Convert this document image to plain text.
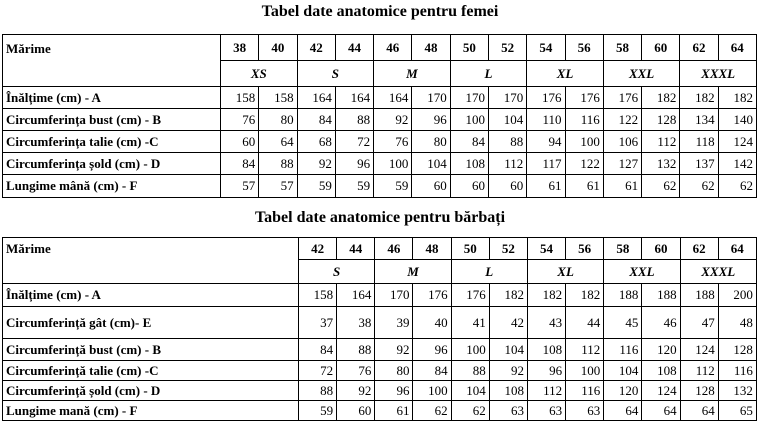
Tabel date anatomice pentru femei
Mărime	38	40	42	44	46	48	50	52	54	56	58	60	62	64
	XS		S		M		L		XL		XXL		XXXL	
Înălțime (cm) - A	158	158	164	164	164	170	170	170	176	176	176	182	182	182
Circumferința bust (cm) - B	76	80	84	88	92	96	100	104	110	116	122	128	134	140
Circumferința talie (cm) -C	60	64	68	72	76	80	84	88	94	100	106	112	118	124
Circumferința șold (cm) - D	84	88	92	96	100	104	108	112	117	122	127	132	137	142
Lungime mână (cm) - F	57	57	59	59	59	60	60	60	61	61	61	62	62	62
Tabel date anatomice pentru bărbați
Mărime	42	44	46	48	50	52	54	56	58	60	62	64
	S		M		L		XL		XXL		XXXL	
Înălțime (cm) - A	158	164	170	176	176	182	182	182	188	188	188	200
Circumferință gât (cm)- E	37	38	39	40	41	42	43	44	45	46	47	48
Circumferință bust (cm) - B	84	88	92	96	100	104	108	112	116	120	124	128
Circumferință talie (cm) -C	72	76	80	84	88	92	96	100	104	108	112	116
Circumferință șold (cm) - D	88	92	96	100	104	108	112	116	120	124	128	132
Lungime mană (cm) - F	59	60	61	62	62	63	63	63	64	64	64	65
